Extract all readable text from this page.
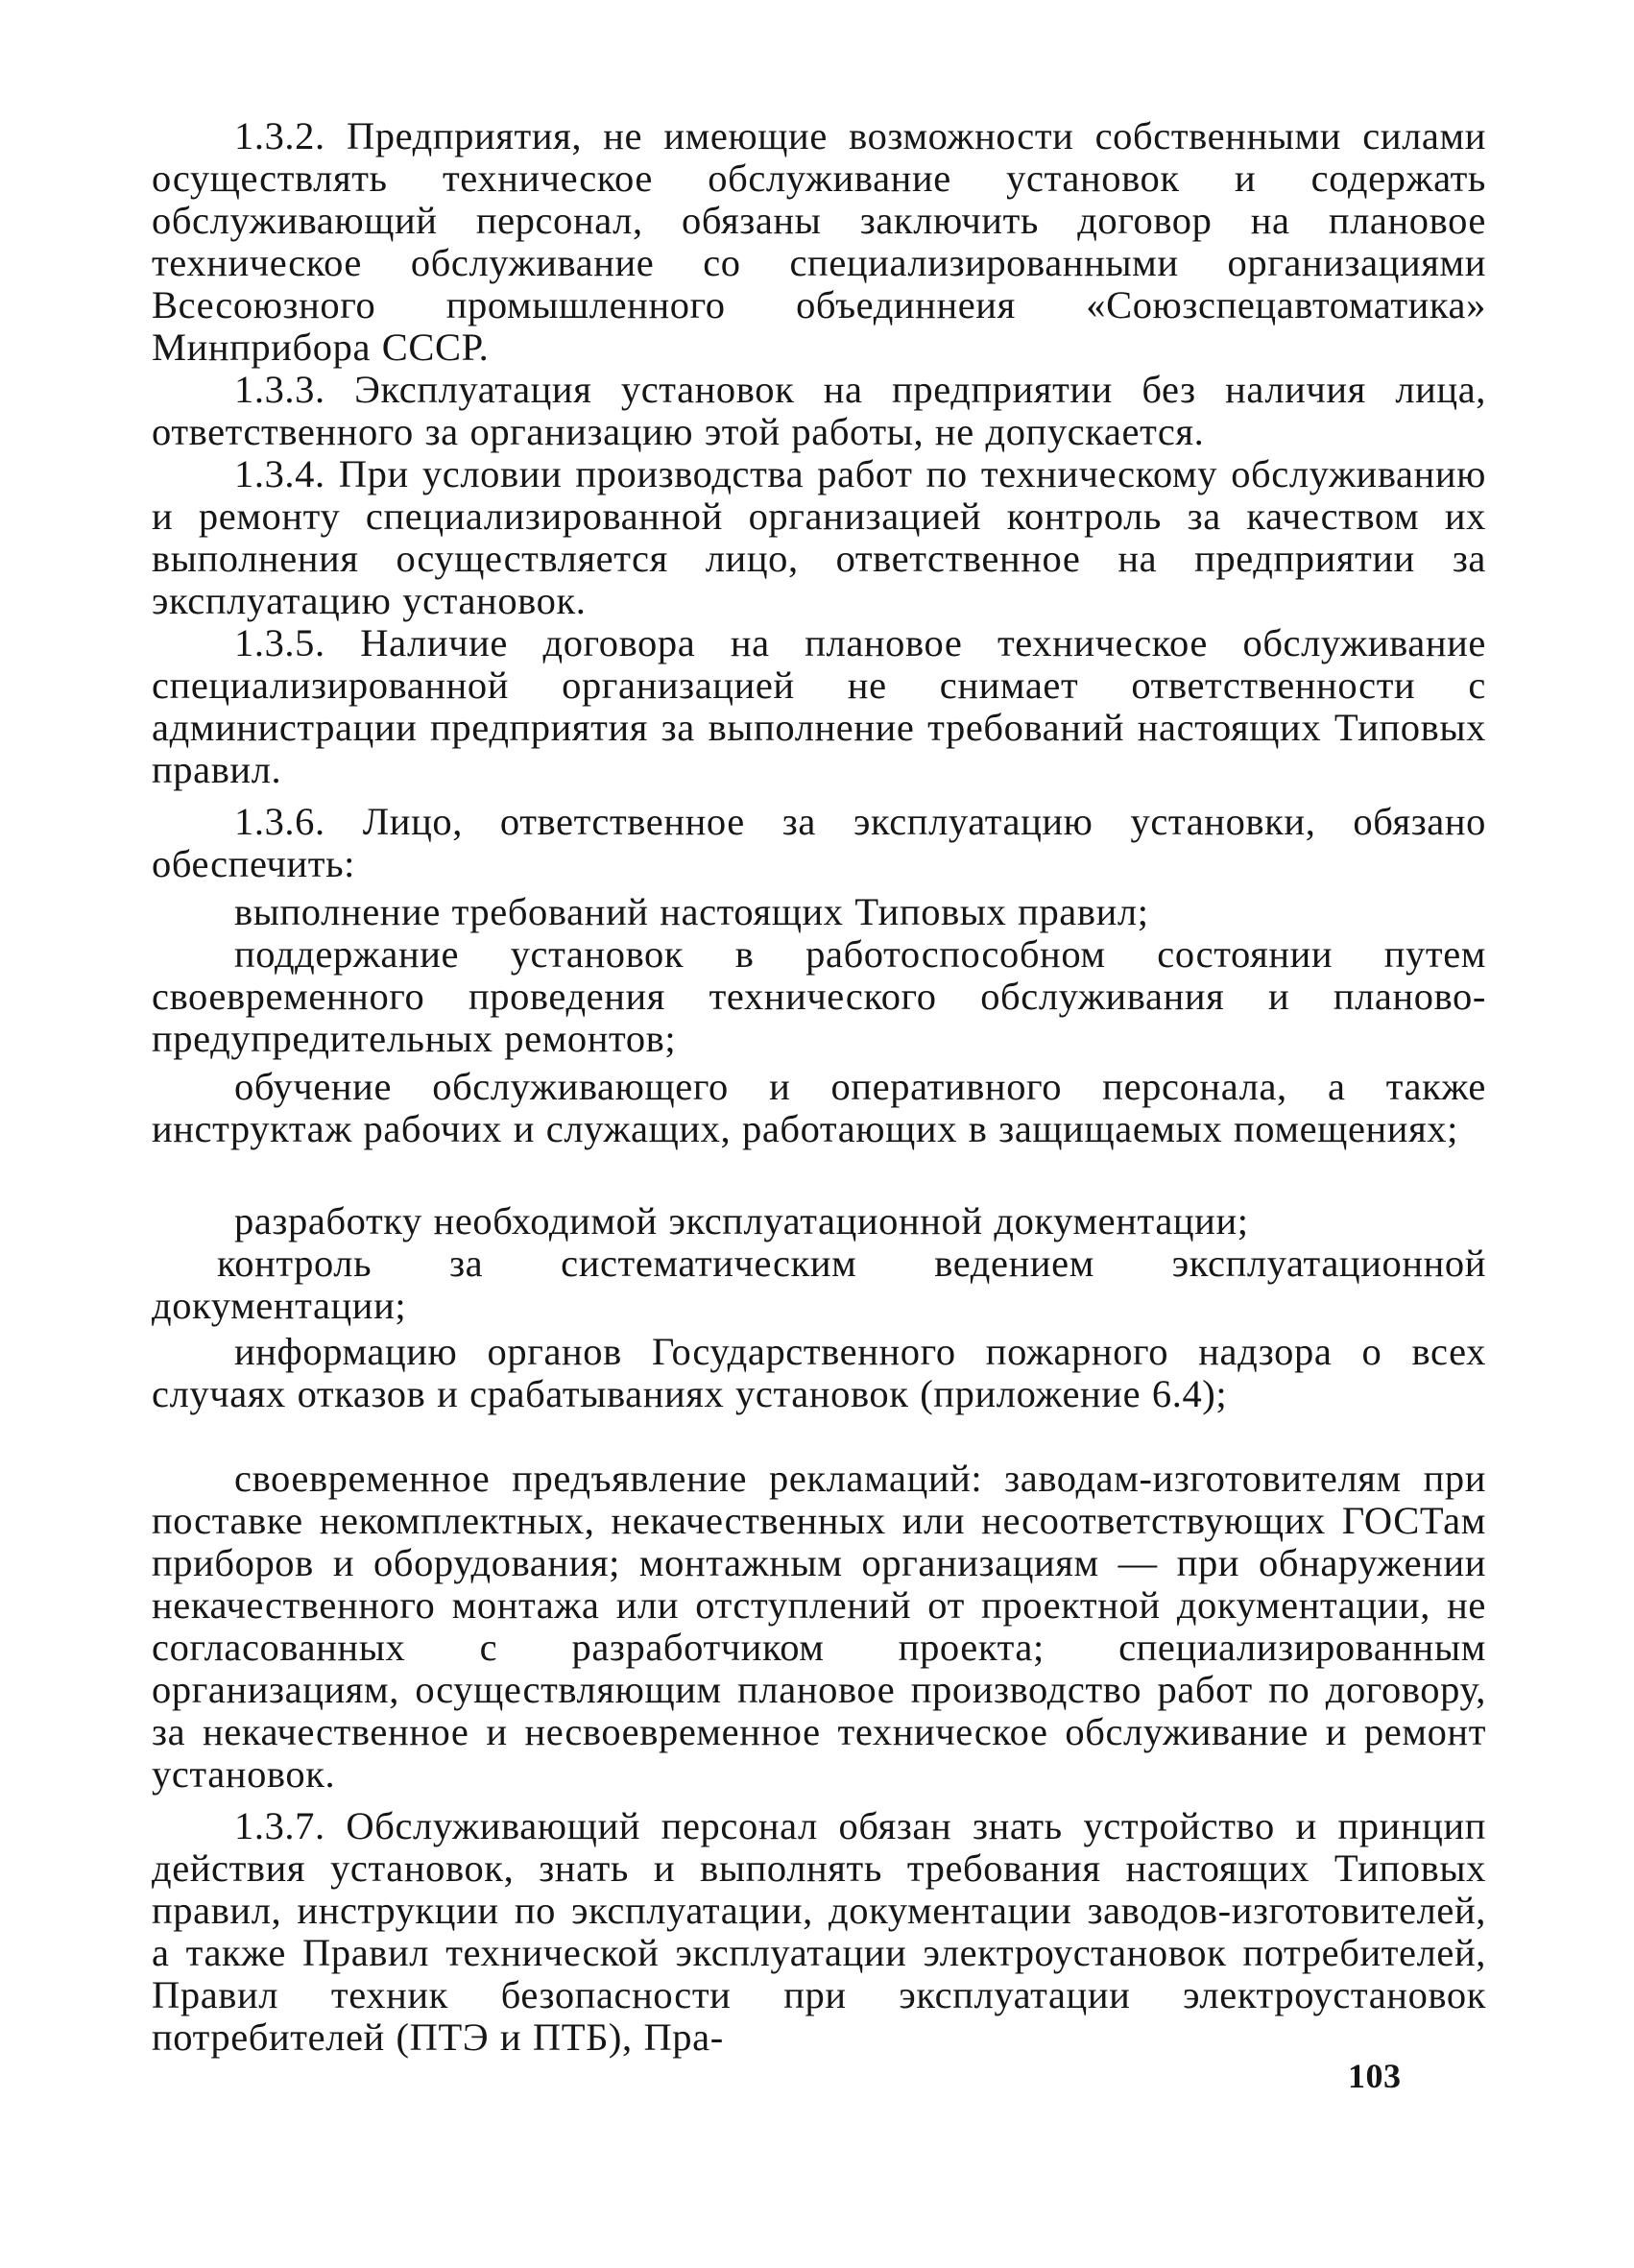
1.3.2. Предприятия, не имеющие возможности собственными силами осуществлять техническое обслуживание установок и содержать обслуживающий персонал, обязаны заключить договор на плановое техническое обслуживание со специализированными организациями Всесоюзного промышленного объединнеия «Союзспецавтоматика» Минприбора СССР.

1.3.3. Эксплуатация установок на предприятии без наличия лица, ответственного за организацию этой работы, не допускается.

1.3.4. При условии производства работ по техническому обслуживанию и ремонту специализированной организацией контроль за качеством их выполнения осуществляется лицо, ответственное на предприятии за эксплуатацию установок.

1.3.5. Наличие договора на плановое техническое обслуживание специализированной организацией не снимает ответственности с администрации предприятия за выполнение требований настоящих Типовых правил.

1.3.6. Лицо, ответственное за эксплуатацию установки, обязано обеспечить:

выполнение требований настоящих Типовых правил;

поддержание установок в работоспособном состоянии путем своевременного проведения технического обслуживания и планово-предупредительных ремонтов;

обучение обслуживающего и оперативного персонала, а также инструктаж рабочих и служащих, работающих в защищаемых помещениях;

разработку необходимой эксплуатационной документации;

контроль за систематическим ведением эксплуатационной документации;

информацию органов Государственного пожарного надзора о всех случаях отказов и срабатываниях установок (приложение 6.4);

своевременное предъявление рекламаций: заводам-изготовителям при поставке некомплектных, некачественных или несоответствующих ГОСТам приборов и оборудования; монтажным организациям — при обнаружении некачественного монтажа или отступлений от проектной документации, не согласованных с разработчиком проекта; специализированным организациям, осуществляющим плановое производство работ по договору, за некачественное и несвоевременное техническое обслуживание и ремонт установок.

1.3.7. Обслуживающий персонал обязан знать устройство и принцип действия установок, знать и выполнять требования настоящих Типовых правил, инструкции по эксплуатации, документации заводов-изготовителей, а также Правил технической эксплуатации электроустановок потребителей, Правил техник безопасности при эксплуатации электроустановок потребителей (ПТЭ и ПТБ), Пра-

103
